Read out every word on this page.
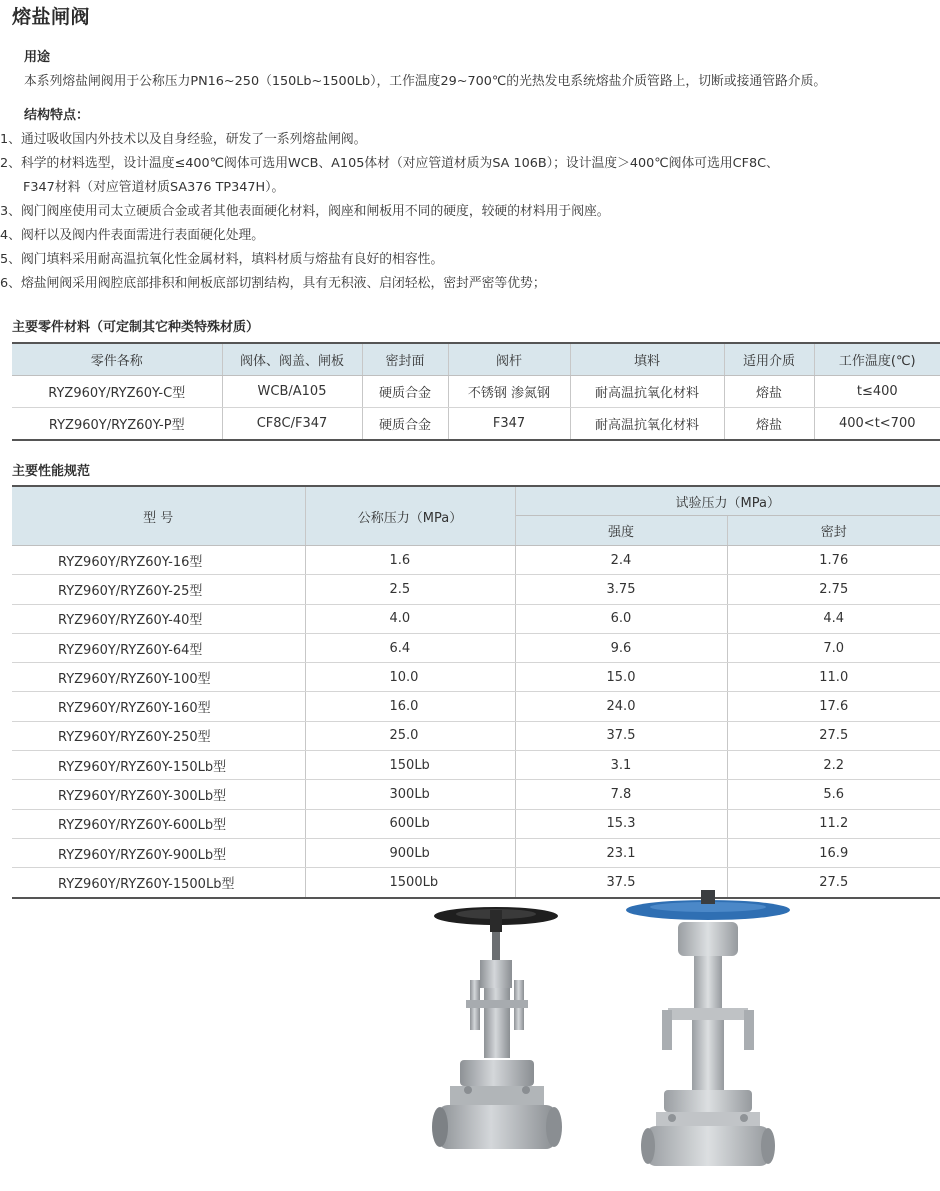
熔盐闸阀
用途

本系列熔盐闸阀用于公称压力PN16~250（150Lb~1500Lb），工作温度29~700℃的光热发电系统熔盐介质管路上，切断或接通管路介质。

结构特点：
1、通过吸收国内外技术以及自身经验，研发了一系列熔盐闸阀。
2、科学的材料选型，设计温度≤400℃阀体可选用WCB、A105体材（对应管道材质为SA 106B）；设计温度＞400℃阀体可选用CF8C、
F347材料（对应管道材质SA376 TP347H）。
3、阀门阀座使用司太立硬质合金或者其他表面硬化材料，阀座和闸板用不同的硬度，较硬的材料用于阀座。
4、阀杆以及阀内件表面需进行表面硬化处理。
5、阀门填料采用耐高温抗氧化性金属材料，填料材质与熔盐有良好的相容性。
6、熔盐闸阀采用阀腔底部排积和闸板底部切割结构，具有无积液、启闭轻松，密封严密等优势；
主要零件材料（可定制其它种类特殊材质）
零件各称	阀体、阀盖、闸板	密封面	阀杆	填料	适用介质	工作温度(℃)
RYZ960Y/RYZ60Y-C型	WCB/A105	硬质合金	不锈钢 渗氮钢	耐高温抗氧化材料	熔盐	t≤400
RYZ960Y/RYZ60Y-P型	CF8C/F347	硬质合金	F347	耐高温抗氧化材料	熔盐	400<t<700
主要性能规范
型 号	公称压力（MPa）	试验压力（MPa）	
		强度	密封
RYZ960Y/RYZ60Y-16型	1.6	2.4	1.76
RYZ960Y/RYZ60Y-25型	2.5	3.75	2.75
RYZ960Y/RYZ60Y-40型	4.0	6.0	4.4
RYZ960Y/RYZ60Y-64型	6.4	9.6	7.0
RYZ960Y/RYZ60Y-100型	10.0	15.0	11.0
RYZ960Y/RYZ60Y-160型	16.0	24.0	17.6
RYZ960Y/RYZ60Y-250型	25.0	37.5	27.5
RYZ960Y/RYZ60Y-150Lb型	150Lb	3.1	2.2
RYZ960Y/RYZ60Y-300Lb型	300Lb	7.8	5.6
RYZ960Y/RYZ60Y-600Lb型	600Lb	15.3	11.2
RYZ960Y/RYZ60Y-900Lb型	900Lb	23.1	16.9
RYZ960Y/RYZ60Y-1500Lb型	1500Lb	37.5	27.5
